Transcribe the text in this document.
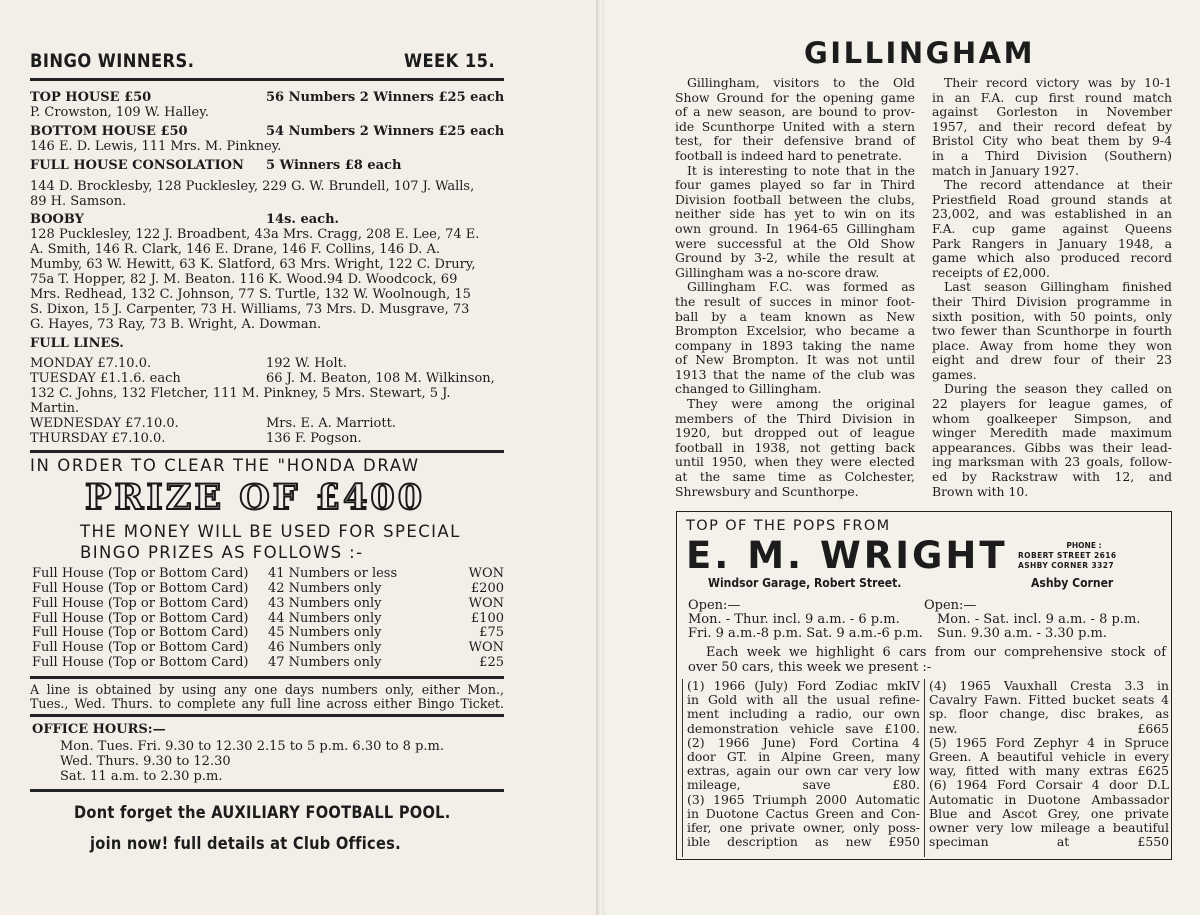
BINGO WINNERS.	WEEK 15.
TOP HOUSE £50	56 Numbers 2 Winners £25 each
P. Crowston, 109 W. Halley.
BOTTOM HOUSE £50	54 Numbers 2 Winners £25 each
146 E. D. Lewis, 111 Mrs. M. Pinkney.
FULL HOUSE CONSOLATION 5 Winners £8 each
144 D. Brocklesby, 128 Pucklesley, 229 G. W. Brundell, 107 J. Walls,
89 H. Samson.
BOOBY	14s. each.
128 Pucklesley, 122 J. Broadbent, 43a Mrs. Cragg, 208 E. Lee, 74 E.
A. Smith, 146 R. Clark, 146 E. Drane, 146 F. Collins, 146 D. A.
Mumby, 63 W. Hewitt, 63 K. Slatford, 63 Mrs. Wright, 122 C. Drury,
75a T. Hopper, 82 J. M. Beaton. 116 K. Wood.94 D. Woodcock, 69
Mrs. Redhead, 132 C. Johnson, 77 S. Turtle, 132 W. Woolnough, 15
S. Dixon, 15 J. Carpenter, 73 H. Williams, 73 Mrs. D. Musgrave, 73
G. Hayes, 73 Ray, 73 B. Wright, A. Dowman.
FULL LINES.
MONDAY £7.10.0.	192 W. Holt.
TUESDAY £1.1.6. each	66 J. M. Beaton, 108 M. Wilkinson,
132 C. Johns, 132 Fletcher, 111 M. Pinkney, 5 Mrs. Stewart, 5 J.
Martin.
WEDNESDAY £7.10.0.	Mrs. E. A. Marriott.
THURSDAY £7.10.0.	136 F. Pogson.
IN ORDER TO CLEAR THE "HONDA DRAW
PRIZE OF £400
THE MONEY WILL BE USED FOR SPECIAL
BINGO PRIZES AS FOLLOWS :-
Full House (Top or Bottom Card) 41 Numbers or less	WON
Full House (Top or Bottom Card) 42 Numbers only	£200
Full House (Top or Bottom Card) 43 Numbers only	WON
Full House (Top or Bottom Card) 44 Numbers only	£100
Full House (Top or Bottom Card) 45 Numbers only	£75
Full House (Top or Bottom Card) 46 Numbers only	WON
Full House (Top or Bottom Card) 47 Numbers only	£25
A line is obtained by using any one days numbers only, either Mon.,
Tues., Wed. Thurs. to complete any full line across either Bingo Ticket.
OFFICE HOURS:—
Mon. Tues. Fri. 9.30 to 12.30 2.15 to 5 p.m. 6.30 to 8 p.m.
Wed. Thurs. 9.30 to 12.30
Sat. 11 a.m. to 2.30 p.m.
Dont forget the AUXILIARY FOOTBALL POOL.
join now! full details at Club Offices.
GILLINGHAM

Gillingham, visitors to the Old

Show Ground for the opening game

of a new season, are bound to prov-

ide Scunthorpe United with a stern

test, for their defensive brand of

football is indeed hard to penetrate.

It is interesting to note that in the

four games played so far in Third

Division football between the clubs,

neither side has yet to win on its

own ground. In 1964-65 Gillingham

were successful at the Old Show

Ground by 3-2, while the result at

Gillingham was a no-score draw.

Gillingham F.C. was formed as

the result of succes in minor foot-

ball by a team known as New

Brompton Excelsior, who became a

company in 1893 taking the name

of New Brompton. It was not until

1913 that the name of the club was

changed to Gillingham.

They were among the original

members of the Third Division in

1920, but dropped out of league

football in 1938, not getting back

until 1950, when they were elected

at the same time as Colchester,

Shrewsbury and Scunthorpe.

Their record victory was by 10-1

in an F.A. cup first round match

against Gorleston in November

1957, and their record defeat by

Bristol City who beat them by 9-4

in a Third Division (Southern)

match in January 1927.

The record attendance at their

Priestfield Road ground stands at

23,002, and was established in an

F.A. cup game against Queens

Park Rangers in January 1948, a

game which also produced record

receipts of £2,000.

Last season Gillingham finished

their Third Division programme in

sixth position, with 50 points, only

two fewer than Scunthorpe in fourth

place. Away from home they won

eight and drew four of their 23

games.

During the season they called on

22 players for league games, of

whom goalkeeper Simpson, and

winger Meredith made maximum

appearances. Gibbs was their lead-

ing marksman with 23 goals, follow-

ed by Rackstraw with 12, and

Brown with 10.

TOP OF THE POPS FROM
E. M. WRIGHT	PHONE :
ROBERT STREET 2616
ASHBY CORNER 3327
Windsor Garage, Robert Street.	Ashby Corner
Open:—
Mon. - Thur. incl. 9 a.m. - 6 p.m.
Fri. 9 a.m.-8 p.m. Sat. 9 a.m.-6 p.m.
Open:—
Mon. - Sat. incl. 9 a.m. - 8 p.m.
Sun. 9.30 a.m. - 3.30 p.m.
Each week we highlight 6 cars from our comprehensive stock of
over 50 cars, this week we present :-

(1) 1966 (July) Ford Zodiac mkIV

in Gold with all the usual refine-

ment including a radio, our own

demonstration vehicle save £100.

(2) 1966 June) Ford Cortina 4

door GT. in Alpine Green, many

extras, again our own car very low

mileage, save £80.

(3) 1965 Triumph 2000 Automatic

in Duotone Cactus Green and Con-

ifer, one private owner, only poss-

ible description as new £950

(4) 1965 Vauxhall Cresta 3.3 in

Cavalry Fawn. Fitted bucket seats 4

sp. floor change, disc brakes, as

new. £665

(5) 1965 Ford Zephyr 4 in Spruce

Green. A beautiful vehicle in every

way, fitted with many extras £625

(6) 1964 Ford Corsair 4 door D.L

Automatic in Duotone Ambassador

Blue and Ascot Grey, one private

owner very low mileage a beautiful

speciman at £550
